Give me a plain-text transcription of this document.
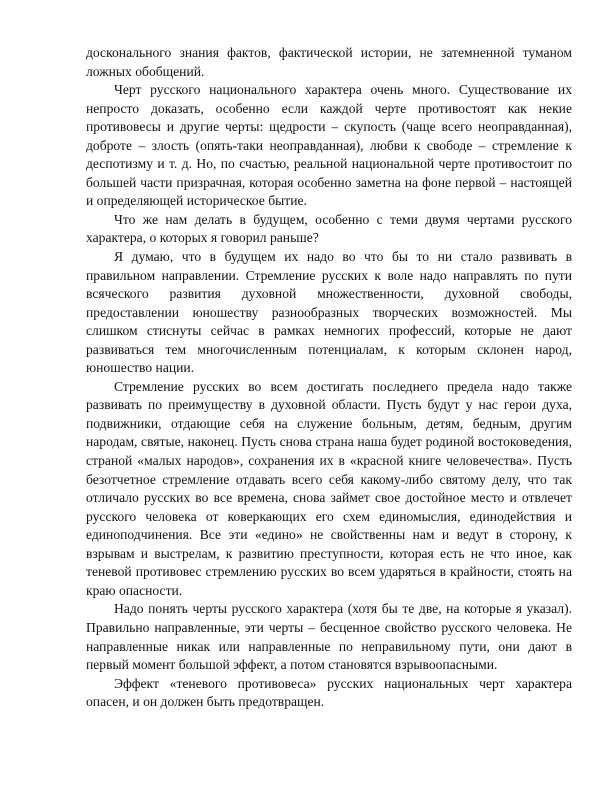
доскональнoго знания фактов, фактической истории, не затемненной туманом ложных обобщений.

Черт русского национального характера очень много. Существование их непросто доказать, особенно если каждой черте противостоят как некие противовесы и другие черты: щедрости – скупость (чаще всего неоправданная), доброте – злость (опять-таки неоправданная), любви к свободе – стремление к деспотизму и т. д. Но, по счастью, реальной национальной черте противостоит по большей части призрачная, которая особенно заметна на фоне первой – настоящей и определяющей историческое бытие.

Что же нам делать в будущем, особенно с теми двумя чертами русского характера, о которых я говорил раньше?

Я думаю, что в будущем их надо во что бы то ни стало развивать в правильном направлении. Стремление русских к воле надо направлять по пути всяческого развития духовной множественности, духовной свободы, предоставлении юношеству разнообразных творческих возможностей. Мы слишком стиснуты сейчас в рамках немногих профессий, которые не дают развиваться тем многочисленным потенциалам, к которым склонен народ, юношество нации.

Стремление русских во всем достигать последнего предела надо также развивать по преимуществу в духовной области. Пусть будут у нас герои духа, подвижники, отдающие себя на служение больным, детям, бедным, другим народам, святые, наконец. Пусть снова страна наша будет родиной востоковедения, страной «малых народов», сохранения их в «красной книге человечества». Пусть безотчетное стремление отдавать всего себя какому-либо святому делу, что так отличало русских во все времена, снова займет свое достойное место и отвлечет русского человека от коверкающих его схем единомыслия, единодействия и единоподчинения. Все эти «едино» не свойственны нам и ведут в сторону, к взрывам и выстрелам, к развитию преступности, которая есть не что иное, как теневой противовес стремлению русских во всем ударяться в крайности, стоять на краю опасности.

Надо понять черты русского характера (хотя бы те две, на которые я указал). Правильно направленные, эти черты – бесценное свойство русского человека. Не направленные никак или направленные по неправильному пути, они дают в первый момент большой эффект, а потом становятся взрывоопасными.

Эффект «теневого противовеса» русских национальных черт характера опасен, и он должен быть предотвращен.
